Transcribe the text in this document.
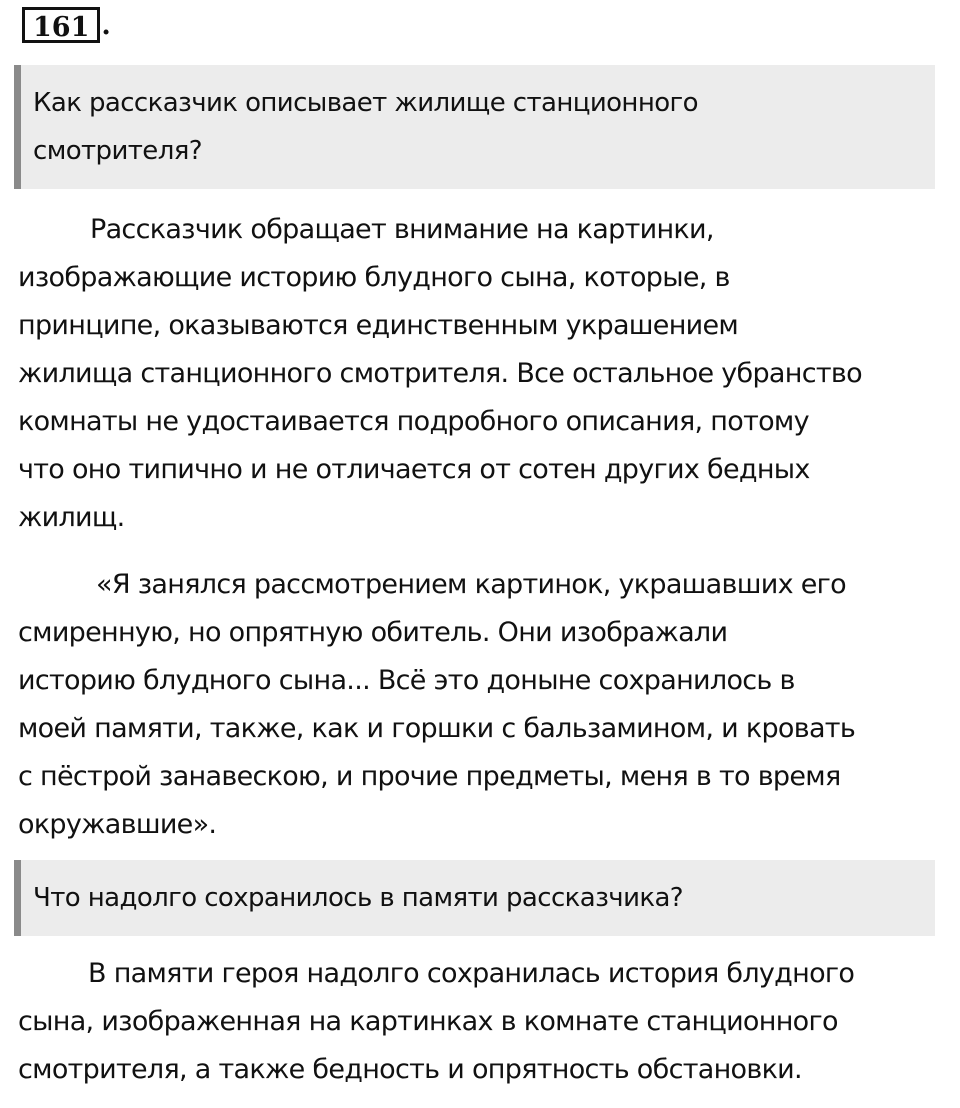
161 .
Как рассказчик описывает жилище станционного
смотрителя?

Рассказчик обращает внимание на картинки,
изображающие историю блудного сына, которые, в
принципе, оказываются единственным украшением
жилища станционного смотрителя. Все остальное убранство
комнаты не удостаивается подробного описания, потому
что оно типично и не отличается от сотен других бедных
жилищ.

«Я занялся рассмотрением картинок, украшавших его
смиренную, но опрятную обитель. Они изображали
историю блудного сына... Всё это доныне сохранилось в
моей памяти, также, как и горшки с бальзамином, и кровать
с пёстрой занавескою, и прочие предметы, меня в то время
окружавшие».

Что надолго сохранилось в памяти рассказчика?

В памяти героя надолго сохранилась история блудного
сына, изображенная на картинках в комнате станционного
смотрителя, а также бедность и опрятность обстановки.
